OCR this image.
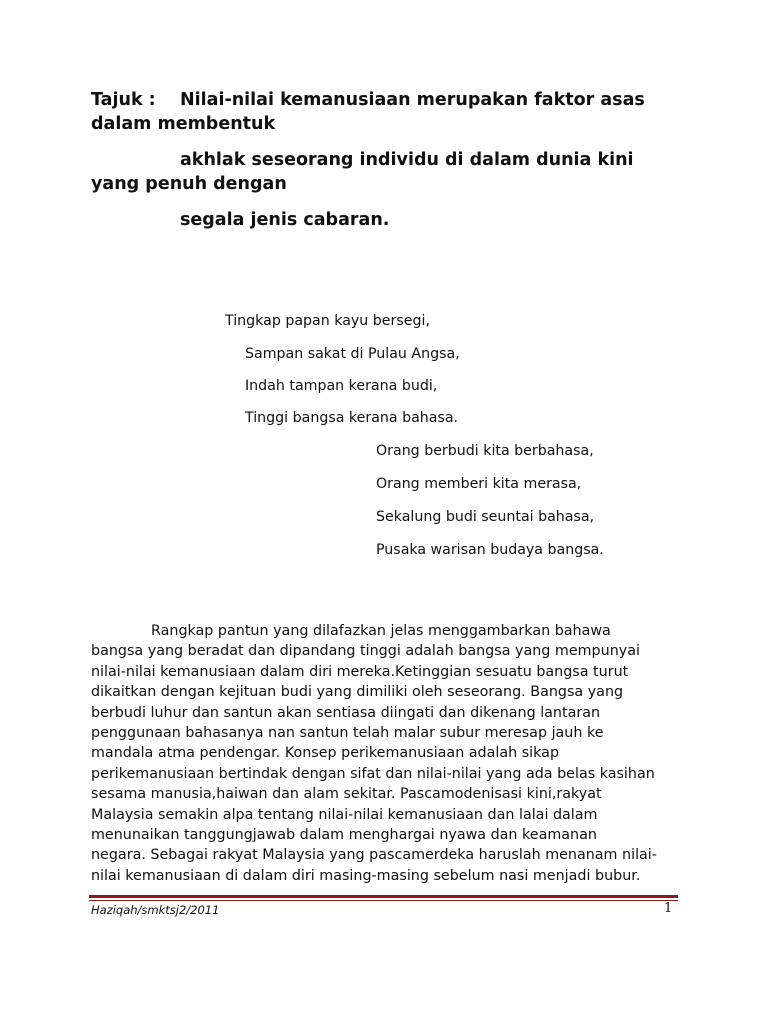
Tajuk : Nilai-nilai kemanusiaan merupakan faktor asas

dalam membentuk

akhlak seseorang individu di dalam dunia kini

yang penuh dengan

segala jenis cabaran.

Tingkap papan kayu bersegi,
Sampan sakat di Pulau Angsa,
Indah tampan kerana budi,
Tinggi bangsa kerana bahasa.
Orang berbudi kita berbahasa,
Orang memberi kita merasa,
Sekalung budi seuntai bahasa,
Pusaka warisan budaya bangsa.
Rangkap pantun yang dilafazkan jelas menggambarkan bahawa
bangsa yang beradat dan dipandang tinggi adalah bangsa yang mempunyai
nilai-nilai kemanusiaan dalam diri mereka.Ketinggian sesuatu bangsa turut
dikaitkan dengan kejituan budi yang dimiliki oleh seseorang. Bangsa yang
berbudi luhur dan santun akan sentiasa diingati dan dikenang lantaran
penggunaan bahasanya nan santun telah malar subur meresap jauh ke
mandala atma pendengar. Konsep perikemanusiaan adalah sikap
perikemanusiaan bertindak dengan sifat dan nilai-nilai yang ada belas kasihan
sesama manusia,haiwan dan alam sekitar. Pascamodenisasi kini,rakyat
Malaysia semakin alpa tentang nilai-nilai kemanusiaan dan lalai dalam
menunaikan tanggungjawab dalam menghargai nyawa dan keamanan
negara. Sebagai rakyat Malaysia yang pascamerdeka haruslah menanam nilai-
nilai kemanusiaan di dalam diri masing-masing sebelum nasi menjadi bubur.
Haziqah/smktsj2/2011	1
